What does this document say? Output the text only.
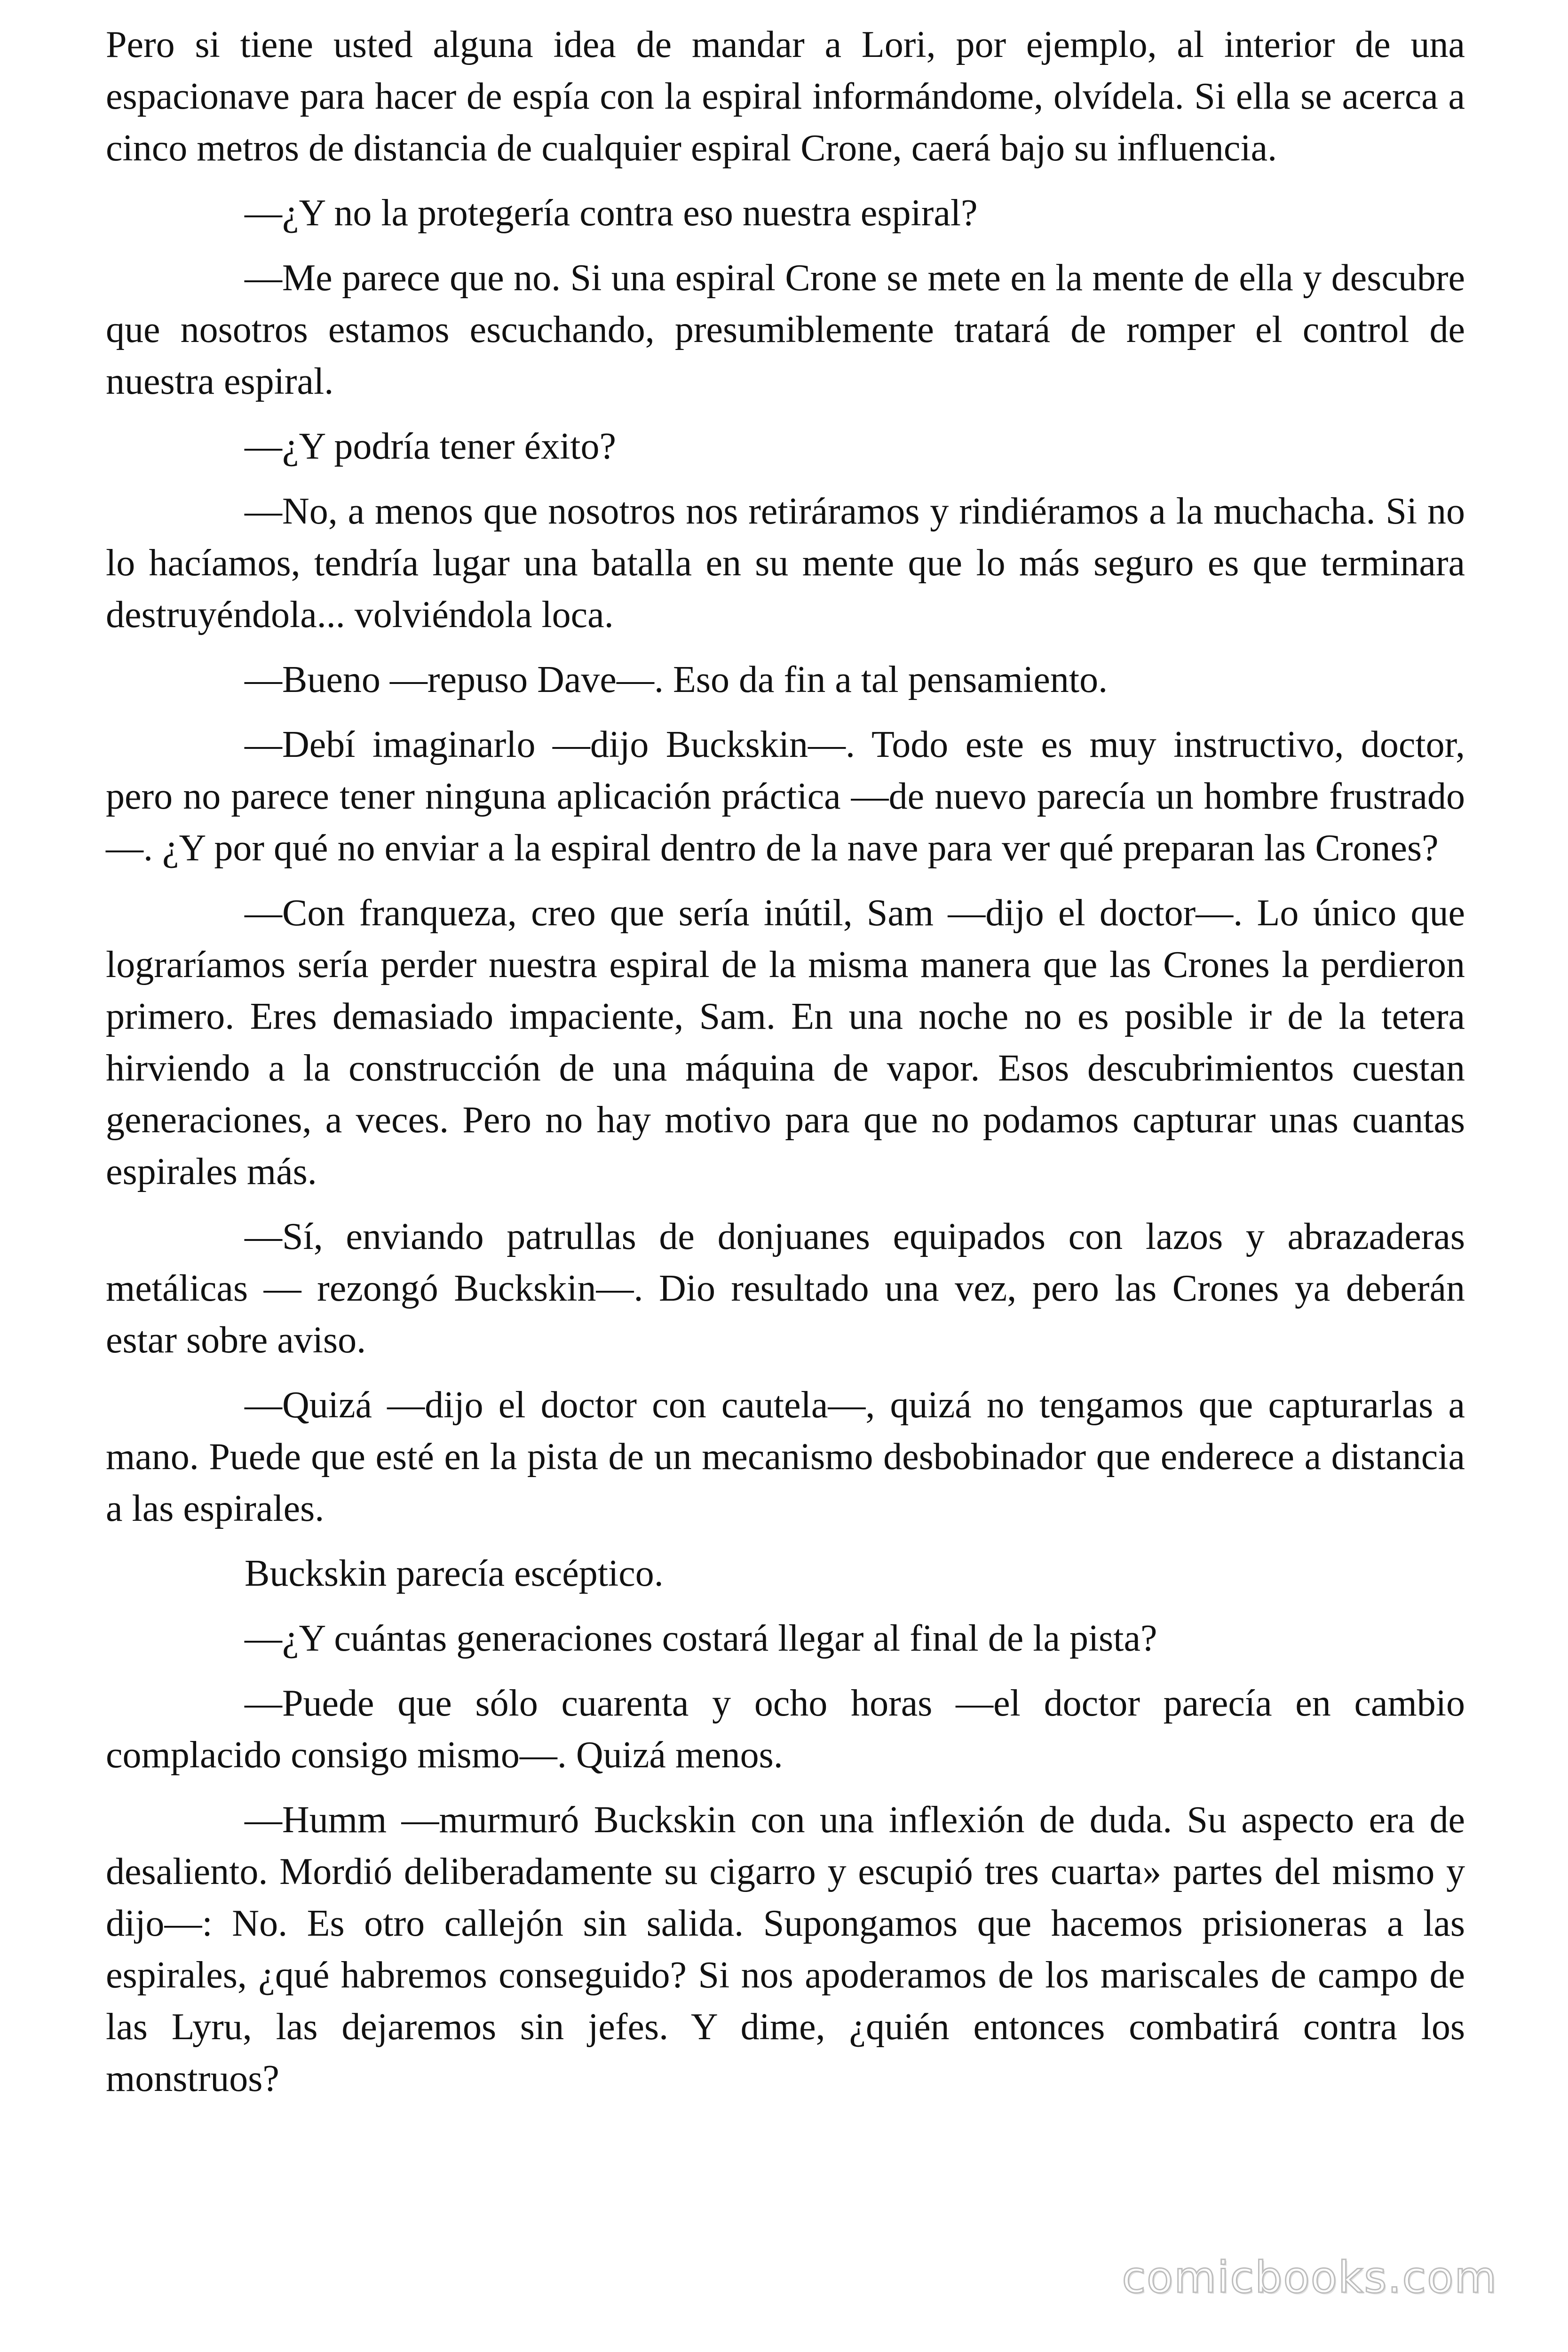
Pero si tiene usted alguna idea de mandar a Lori, por ejemplo, al interior de una espacionave para hacer de espía con la espiral informándome, olvídela. Si ella se acerca a cinco metros de distancia de cualquier espiral Crone, caerá bajo su influencia.

—¿Y no la protegería contra eso nuestra espiral?

—Me parece que no. Si una espiral Crone se mete en la mente de ella y descubre que nosotros estamos escuchando, presumiblemente tratará de romper el control de nuestra espiral.

—¿Y podría tener éxito?

—No, a menos que nosotros nos retiráramos y rindiéramos a la muchacha. Si no lo hacíamos, tendría lugar una batalla en su mente que lo más seguro es que terminara destruyéndola... volviéndola loca.

—Bueno —repuso Dave—. Eso da fin a tal pensamiento.

—Debí imaginarlo —dijo Buckskin—. Todo este es muy instructivo, doctor, pero no parece tener ninguna aplicación práctica —de nuevo parecía un hombre frustrado—. ¿Y por qué no enviar a la espiral dentro de la nave para ver qué preparan las Crones?

—Con franqueza, creo que sería inútil, Sam —dijo el doctor—. Lo único que lograríamos sería perder nuestra espiral de la misma manera que las Crones la perdieron primero. Eres demasiado impaciente, Sam. En una noche no es posible ir de la tetera hirviendo a la construcción de una máquina de vapor. Esos descubrimientos cuestan generaciones, a veces. Pero no hay motivo para que no podamos capturar unas cuantas espirales más.

—Sí, enviando patrullas de donjuanes equipados con lazos y abrazaderas metálicas — rezongó Buckskin—. Dio resultado una vez, pero las Crones ya deberán estar sobre aviso.

—Quizá —dijo el doctor con cautela—, quizá no tengamos que capturarlas a mano. Puede que esté en la pista de un mecanismo desbobinador que enderece a distancia a las espirales.

Buckskin parecía escéptico.

—¿Y cuántas generaciones costará llegar al final de la pista?

—Puede que sólo cuarenta y ocho horas —el doctor parecía en cambio complacido consigo mismo—. Quizá menos.

—Humm —murmuró Buckskin con una inflexión de duda. Su aspecto era de desaliento. Mordió deliberadamente su cigarro y escupió tres cuarta» partes del mismo y dijo—: No. Es otro callejón sin salida. Supongamos que hacemos prisioneras a las espirales, ¿qué habremos conseguido? Si nos apoderamos de los mariscales de campo de las Lyru, las dejaremos sin jefes. Y dime, ¿quién entonces combatirá contra los monstruos?

comicbooks.com
